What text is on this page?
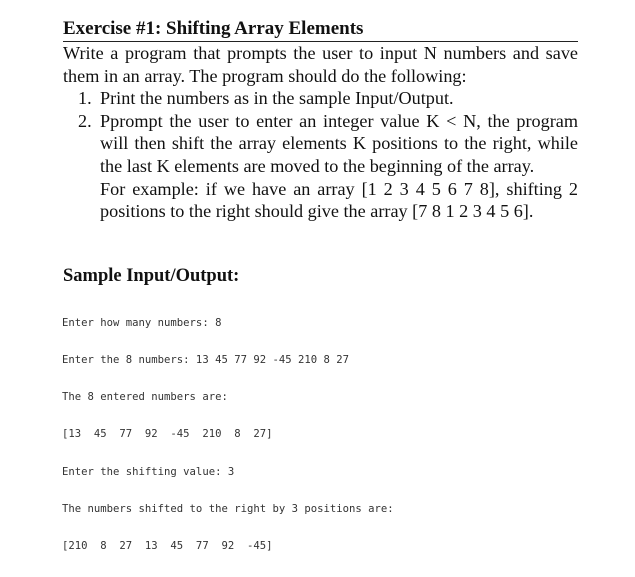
Exercise #1: Shifting Array Elements

Write a program that prompts the user to input N numbers and save them in an array. The program should do the following:

1. Print the numbers as in the sample Input/Output.
2. Pprompt the user to enter an integer value K < N, the program will then shift the array elements K positions to the right, while the last K elements are moved to the beginning of the array.
For example: if we have an array [1 2 3 4 5 6 7 8], shifting 2 positions to the right should give the array [7 8 1 2 3 4 5 6].
Sample Input/Output:

Enter how many numbers: 8

Enter the 8 numbers: 13 45 77 92 -45 210 8 27

The 8 entered numbers are:

[13  45  77  92  -45  210  8  27]

Enter the shifting value: 3

The numbers shifted to the right by 3 positions are:

[210  8  27  13  45  77  92  -45]
